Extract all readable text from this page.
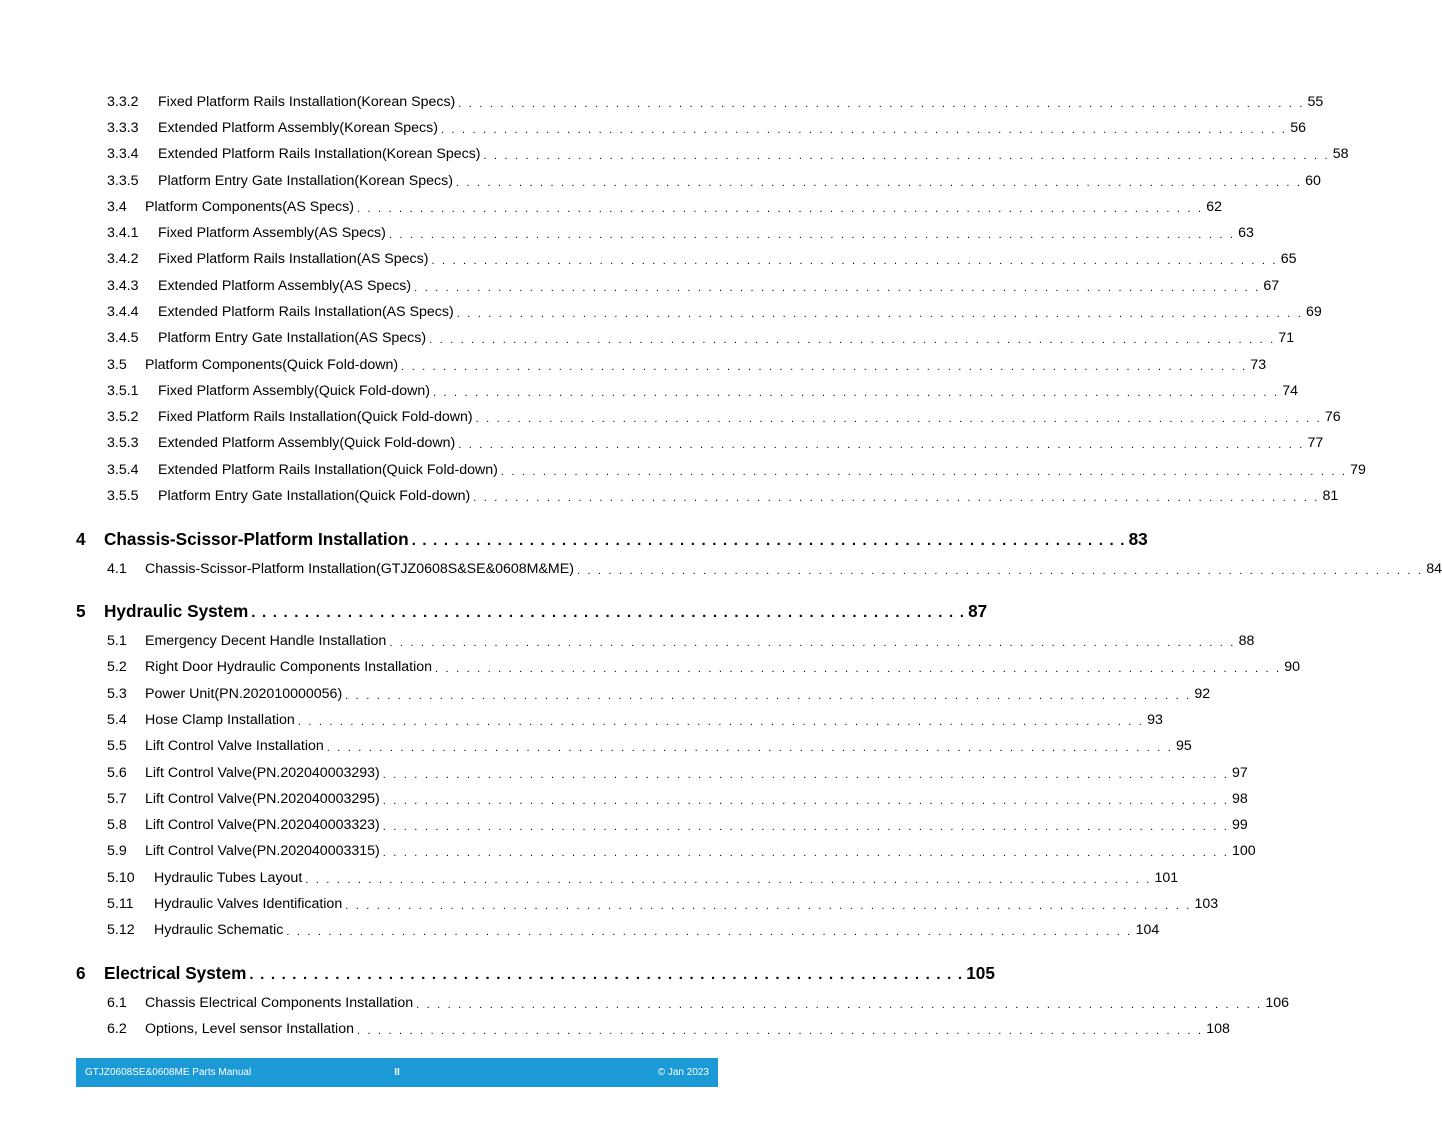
3.3.2	Fixed Platform Rails Installation(Korean Specs) . . . . . . . . . . . . . . . . . . . . . . . . . . . . . . . . . . . . . . . . . . . . . . . . . . . . . . . . . . . . . . . . . . . . . . . . . . . . . . . . . 55
3.3.3	Extended Platform Assembly(Korean Specs) . . . . . . . . . . . . . . . . . . . . . . . . . . . . . . . . . . . . . . . . . . . . . . . . . . . . . . . . . . . . . . . . . . . . . . . . . . . . . . . . . 56
3.3.4	Extended Platform Rails Installation(Korean Specs) . . . . . . . . . . . . . . . . . . . . . . . . . . . . . . . . . . . . . . . . . . . . . . . . . . . . . . . . . . . . . . . . . . . . . . . . . . . . . . . . . 58
3.3.5	Platform Entry Gate Installation(Korean Specs) . . . . . . . . . . . . . . . . . . . . . . . . . . . . . . . . . . . . . . . . . . . . . . . . . . . . . . . . . . . . . . . . . . . . . . . . . . . . . . . . . 60
3.4	Platform Components(AS Specs) . . . . . . . . . . . . . . . . . . . . . . . . . . . . . . . . . . . . . . . . . . . . . . . . . . . . . . . . . . . . . . . . . . . . . . . . . . . . . . . . . 62
3.4.1	Fixed Platform Assembly(AS Specs) . . . . . . . . . . . . . . . . . . . . . . . . . . . . . . . . . . . . . . . . . . . . . . . . . . . . . . . . . . . . . . . . . . . . . . . . . . . . . . . . . 63
3.4.2	Fixed Platform Rails Installation(AS Specs) . . . . . . . . . . . . . . . . . . . . . . . . . . . . . . . . . . . . . . . . . . . . . . . . . . . . . . . . . . . . . . . . . . . . . . . . . . . . . . . . . 65
3.4.3	Extended Platform Assembly(AS Specs) . . . . . . . . . . . . . . . . . . . . . . . . . . . . . . . . . . . . . . . . . . . . . . . . . . . . . . . . . . . . . . . . . . . . . . . . . . . . . . . . . 67
3.4.4	Extended Platform Rails Installation(AS Specs) . . . . . . . . . . . . . . . . . . . . . . . . . . . . . . . . . . . . . . . . . . . . . . . . . . . . . . . . . . . . . . . . . . . . . . . . . . . . . . . . . 69
3.4.5	Platform Entry Gate Installation(AS Specs) . . . . . . . . . . . . . . . . . . . . . . . . . . . . . . . . . . . . . . . . . . . . . . . . . . . . . . . . . . . . . . . . . . . . . . . . . . . . . . . . . 71
3.5	Platform Components(Quick Fold-down) . . . . . . . . . . . . . . . . . . . . . . . . . . . . . . . . . . . . . . . . . . . . . . . . . . . . . . . . . . . . . . . . . . . . . . . . . . . . . . . . . 73
3.5.1	Fixed Platform Assembly(Quick Fold-down) . . . . . . . . . . . . . . . . . . . . . . . . . . . . . . . . . . . . . . . . . . . . . . . . . . . . . . . . . . . . . . . . . . . . . . . . . . . . . . . . . 74
3.5.2	Fixed Platform Rails Installation(Quick Fold-down) . . . . . . . . . . . . . . . . . . . . . . . . . . . . . . . . . . . . . . . . . . . . . . . . . . . . . . . . . . . . . . . . . . . . . . . . . . . . . . . . . 76
3.5.3	Extended Platform Assembly(Quick Fold-down) . . . . . . . . . . . . . . . . . . . . . . . . . . . . . . . . . . . . . . . . . . . . . . . . . . . . . . . . . . . . . . . . . . . . . . . . . . . . . . . . . 77
3.5.4	Extended Platform Rails Installation(Quick Fold-down) . . . . . . . . . . . . . . . . . . . . . . . . . . . . . . . . . . . . . . . . . . . . . . . . . . . . . . . . . . . . . . . . . . . . . . . . . . . . . . . . . 79
3.5.5	Platform Entry Gate Installation(Quick Fold-down) . . . . . . . . . . . . . . . . . . . . . . . . . . . . . . . . . . . . . . . . . . . . . . . . . . . . . . . . . . . . . . . . . . . . . . . . . . . . . . . . . 81
4	Chassis-Scissor-Platform Installation . . . . . . . . . . . . . . . . . . . . . . . . . . . . . . . . . . . . . . . . . . . . . . . . . . . . . . . . . . . . . . . . . . . 83
4.1	Chassis-Scissor-Platform Installation(GTJZ0608S&SE&0608M&ME) . . . . . . . . . . . . . . . . . . . . . . . . . . . . . . . . . . . . . . . . . . . . . . . . . . . . . . . . . . . . . . . . . . . . . . . . . . . . . . . . . 84
5	Hydraulic System . . . . . . . . . . . . . . . . . . . . . . . . . . . . . . . . . . . . . . . . . . . . . . . . . . . . . . . . . . . . . . . . . . . 87
5.1	Emergency Decent Handle Installation . . . . . . . . . . . . . . . . . . . . . . . . . . . . . . . . . . . . . . . . . . . . . . . . . . . . . . . . . . . . . . . . . . . . . . . . . . . . . . . . . 88
5.2	Right Door Hydraulic Components Installation . . . . . . . . . . . . . . . . . . . . . . . . . . . . . . . . . . . . . . . . . . . . . . . . . . . . . . . . . . . . . . . . . . . . . . . . . . . . . . . . . 90
5.3	Power Unit(PN.202010000056) . . . . . . . . . . . . . . . . . . . . . . . . . . . . . . . . . . . . . . . . . . . . . . . . . . . . . . . . . . . . . . . . . . . . . . . . . . . . . . . . . 92
5.4	Hose Clamp Installation . . . . . . . . . . . . . . . . . . . . . . . . . . . . . . . . . . . . . . . . . . . . . . . . . . . . . . . . . . . . . . . . . . . . . . . . . . . . . . . . . 93
5.5	Lift Control Valve Installation . . . . . . . . . . . . . . . . . . . . . . . . . . . . . . . . . . . . . . . . . . . . . . . . . . . . . . . . . . . . . . . . . . . . . . . . . . . . . . . . . 95
5.6	Lift Control Valve(PN.202040003293) . . . . . . . . . . . . . . . . . . . . . . . . . . . . . . . . . . . . . . . . . . . . . . . . . . . . . . . . . . . . . . . . . . . . . . . . . . . . . . . . . 97
5.7	Lift Control Valve(PN.202040003295) . . . . . . . . . . . . . . . . . . . . . . . . . . . . . . . . . . . . . . . . . . . . . . . . . . . . . . . . . . . . . . . . . . . . . . . . . . . . . . . . . 98
5.8	Lift Control Valve(PN.202040003323) . . . . . . . . . . . . . . . . . . . . . . . . . . . . . . . . . . . . . . . . . . . . . . . . . . . . . . . . . . . . . . . . . . . . . . . . . . . . . . . . . 99
5.9	Lift Control Valve(PN.202040003315) . . . . . . . . . . . . . . . . . . . . . . . . . . . . . . . . . . . . . . . . . . . . . . . . . . . . . . . . . . . . . . . . . . . . . . . . . . . . . . . . . 100
5.10	Hydraulic Tubes Layout . . . . . . . . . . . . . . . . . . . . . . . . . . . . . . . . . . . . . . . . . . . . . . . . . . . . . . . . . . . . . . . . . . . . . . . . . . . . . . . . . 101
5.11	Hydraulic Valves Identification . . . . . . . . . . . . . . . . . . . . . . . . . . . . . . . . . . . . . . . . . . . . . . . . . . . . . . . . . . . . . . . . . . . . . . . . . . . . . . . . . 103
5.12	Hydraulic Schematic . . . . . . . . . . . . . . . . . . . . . . . . . . . . . . . . . . . . . . . . . . . . . . . . . . . . . . . . . . . . . . . . . . . . . . . . . . . . . . . . . 104
6	Electrical System . . . . . . . . . . . . . . . . . . . . . . . . . . . . . . . . . . . . . . . . . . . . . . . . . . . . . . . . . . . . . . . . . . . 105
6.1	Chassis Electrical Components Installation . . . . . . . . . . . . . . . . . . . . . . . . . . . . . . . . . . . . . . . . . . . . . . . . . . . . . . . . . . . . . . . . . . . . . . . . . . . . . . . . . 106
6.2	Options, Level sensor Installation . . . . . . . . . . . . . . . . . . . . . . . . . . . . . . . . . . . . . . . . . . . . . . . . . . . . . . . . . . . . . . . . . . . . . . . . . . . . . . . . . 108
II
GTJZ0608SE&0608ME Parts Manual	© Jan 2023
